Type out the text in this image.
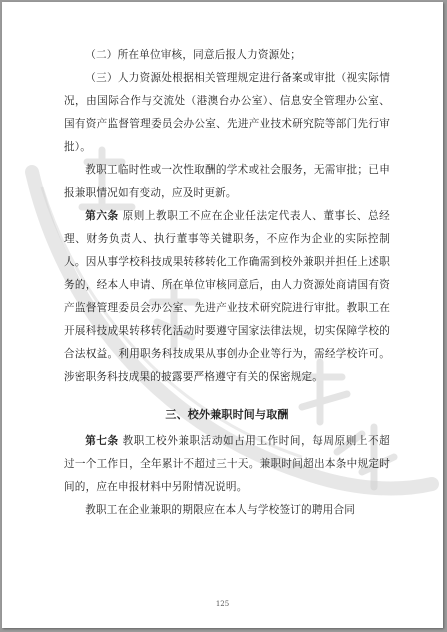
（二）所在单位审核，同意后报人力资源处；

（三）人力资源处根据相关管理规定进行备案或审批（视实际情况，由国际合作与交流处（港澳台办公室）、信息安全管理办公室、国有资产监督管理委员会办公室、先进产业技术研究院等部门先行审批）。

教职工临时性或一次性取酬的学术或社会服务，无需审批；已申报兼职情况如有变动，应及时更新。

第六条 原则上教职工不应在企业任法定代表人、董事长、总经理、财务负责人、执行董事等关键职务，不应作为企业的实际控制人。因从事学校科技成果转移转化工作确需到校外兼职并担任上述职务的，经本人申请、所在单位审核同意后，由人力资源处商请国有资产监督管理委员会办公室、先进产业技术研究院进行审批。教职工在开展科技成果转移转化活动时要遵守国家法律法规，切实保障学校的合法权益。利用职务科技成果从事创办企业等行为，需经学校许可。涉密职务科技成果的披露要严格遵守有关的保密规定。

三、校外兼职时间与取酬

第七条 教职工校外兼职活动如占用工作时间，每周原则上不超过一个工作日，全年累计不超过三十天。兼职时间超出本条中规定时间的，应在申报材料中另附情况说明。

教职工在企业兼职的期限应在本人与学校签订的聘用合同

125
